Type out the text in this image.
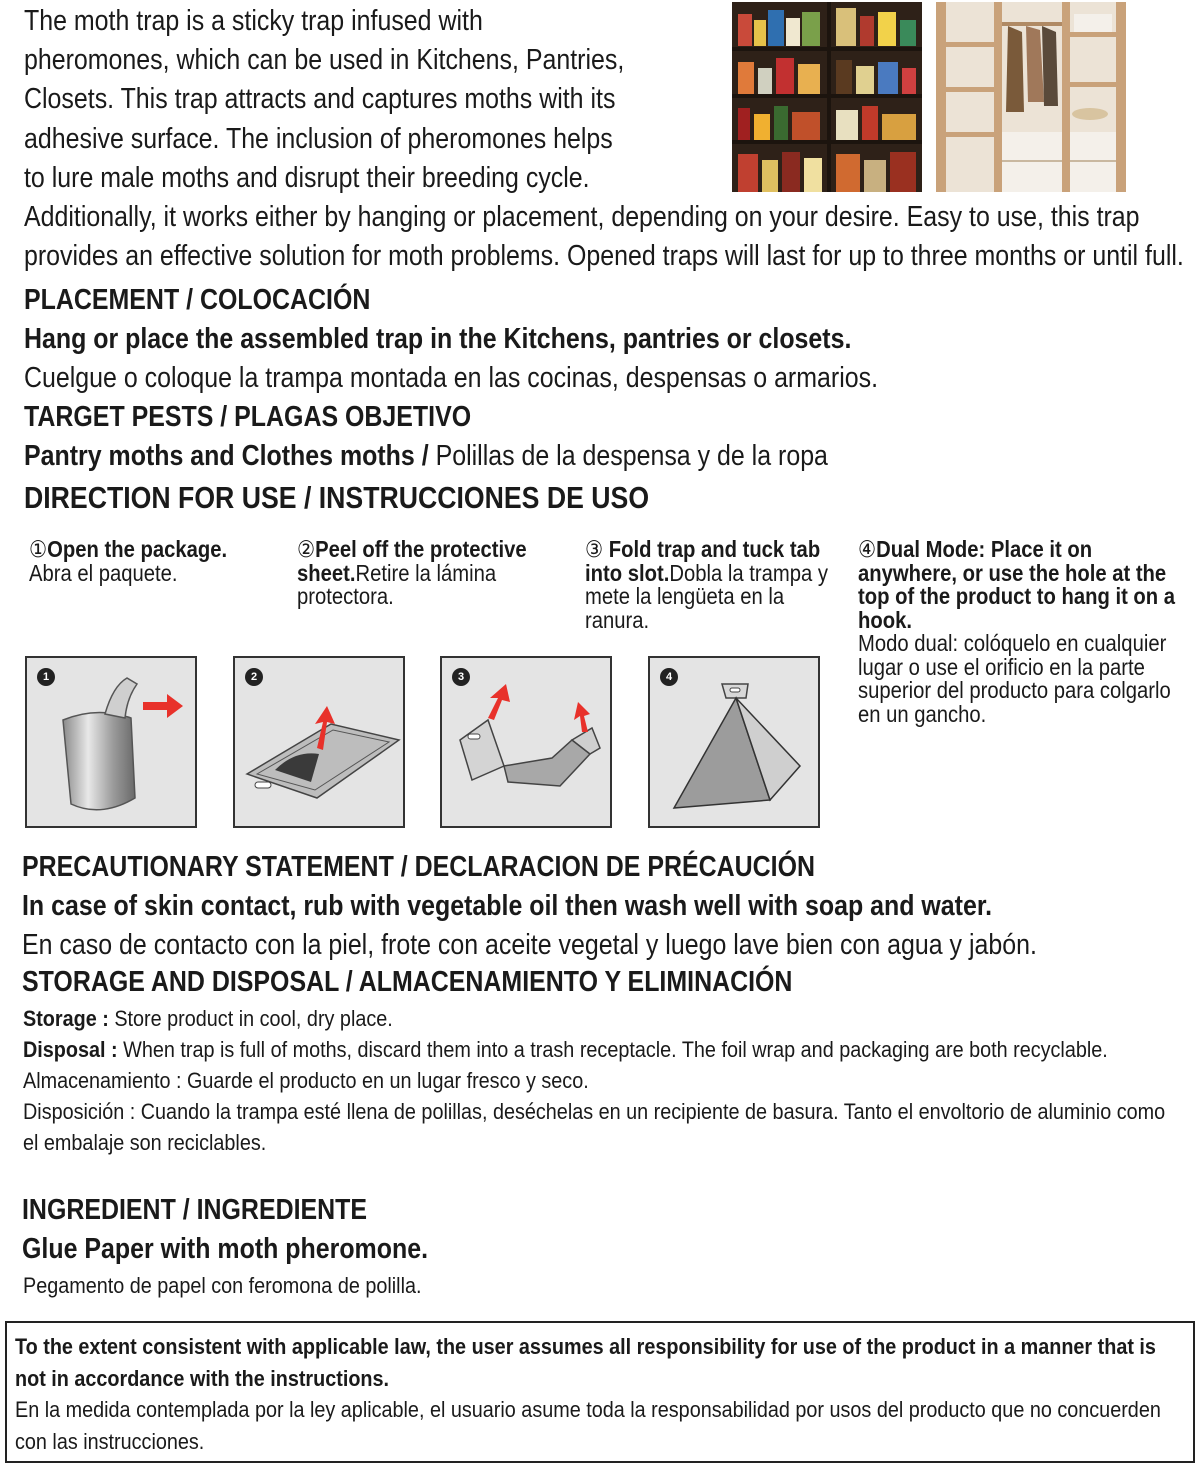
The moth trap is a sticky trap infused with pheromones, which can be used in Kitchens, Pantries, Closets. This trap attracts and captures moths with its adhesive surface. The inclusion of pheromones helps to lure male moths and disrupt their breeding cycle. Additionally, it works either by hanging or placement, depending on your desire. Easy to use, this trap provides an effective solution for moth problems. Opened traps will last for up to three months or until full.
PLACEMENT / COLOCACIÓN
Hang or place the assembled trap in the Kitchens, pantries or closets.
Cuelgue o coloque la trampa montada en las cocinas, despensas o armarios.
TARGET PESTS / PLAGAS OBJETIVO
Pantry moths and Clothes moths / Polillas de la despensa y de la ropa
DIRECTION FOR USE / INSTRUCCIONES DE USO
①Open the package.
Abra el paquete.
②Peel off the protective sheet.Retire la lámina protectora.
③ Fold trap and tuck tab into slot.Dobla la trampa y mete la lengüeta en la ranura.
④Dual Mode: Place it on anywhere, or use the hole at the top of the product to hang it on a hook.
Modo dual: colóquelo en cualquier lugar o use el orificio en la parte superior del producto para colgarlo en un gancho.
1	2	3	4
PRECAUTIONARY STATEMENT / DECLARACION DE PRÉCAUCIÓN
In case of skin contact, rub with vegetable oil then wash well with soap and water.
En caso de contacto con la piel, frote con aceite vegetal y luego lave bien con agua y jabón.
STORAGE AND DISPOSAL / ALMACENAMIENTO Y ELIMINACIÓN
Storage : Store product in cool, dry place.
Disposal : When trap is full of moths, discard them into a trash receptacle. The foil wrap and packaging are both recyclable.
Almacenamiento : Guarde el producto en un lugar fresco y seco.
Disposición : Cuando la trampa esté llena de polillas, deséchelas en un recipiente de basura. Tanto el envoltorio de aluminio como el embalaje son reciclables.
INGREDIENT / INGREDIENTE
Glue Paper with moth pheromone.
Pegamento de papel con feromona de polilla.
To the extent consistent with applicable law, the user assumes all responsibility for use of the product in a manner that is not in accordance with the instructions.
En la medida contemplada por la ley aplicable, el usuario asume toda la responsabilidad por usos del producto que no concuerden con las instrucciones.
